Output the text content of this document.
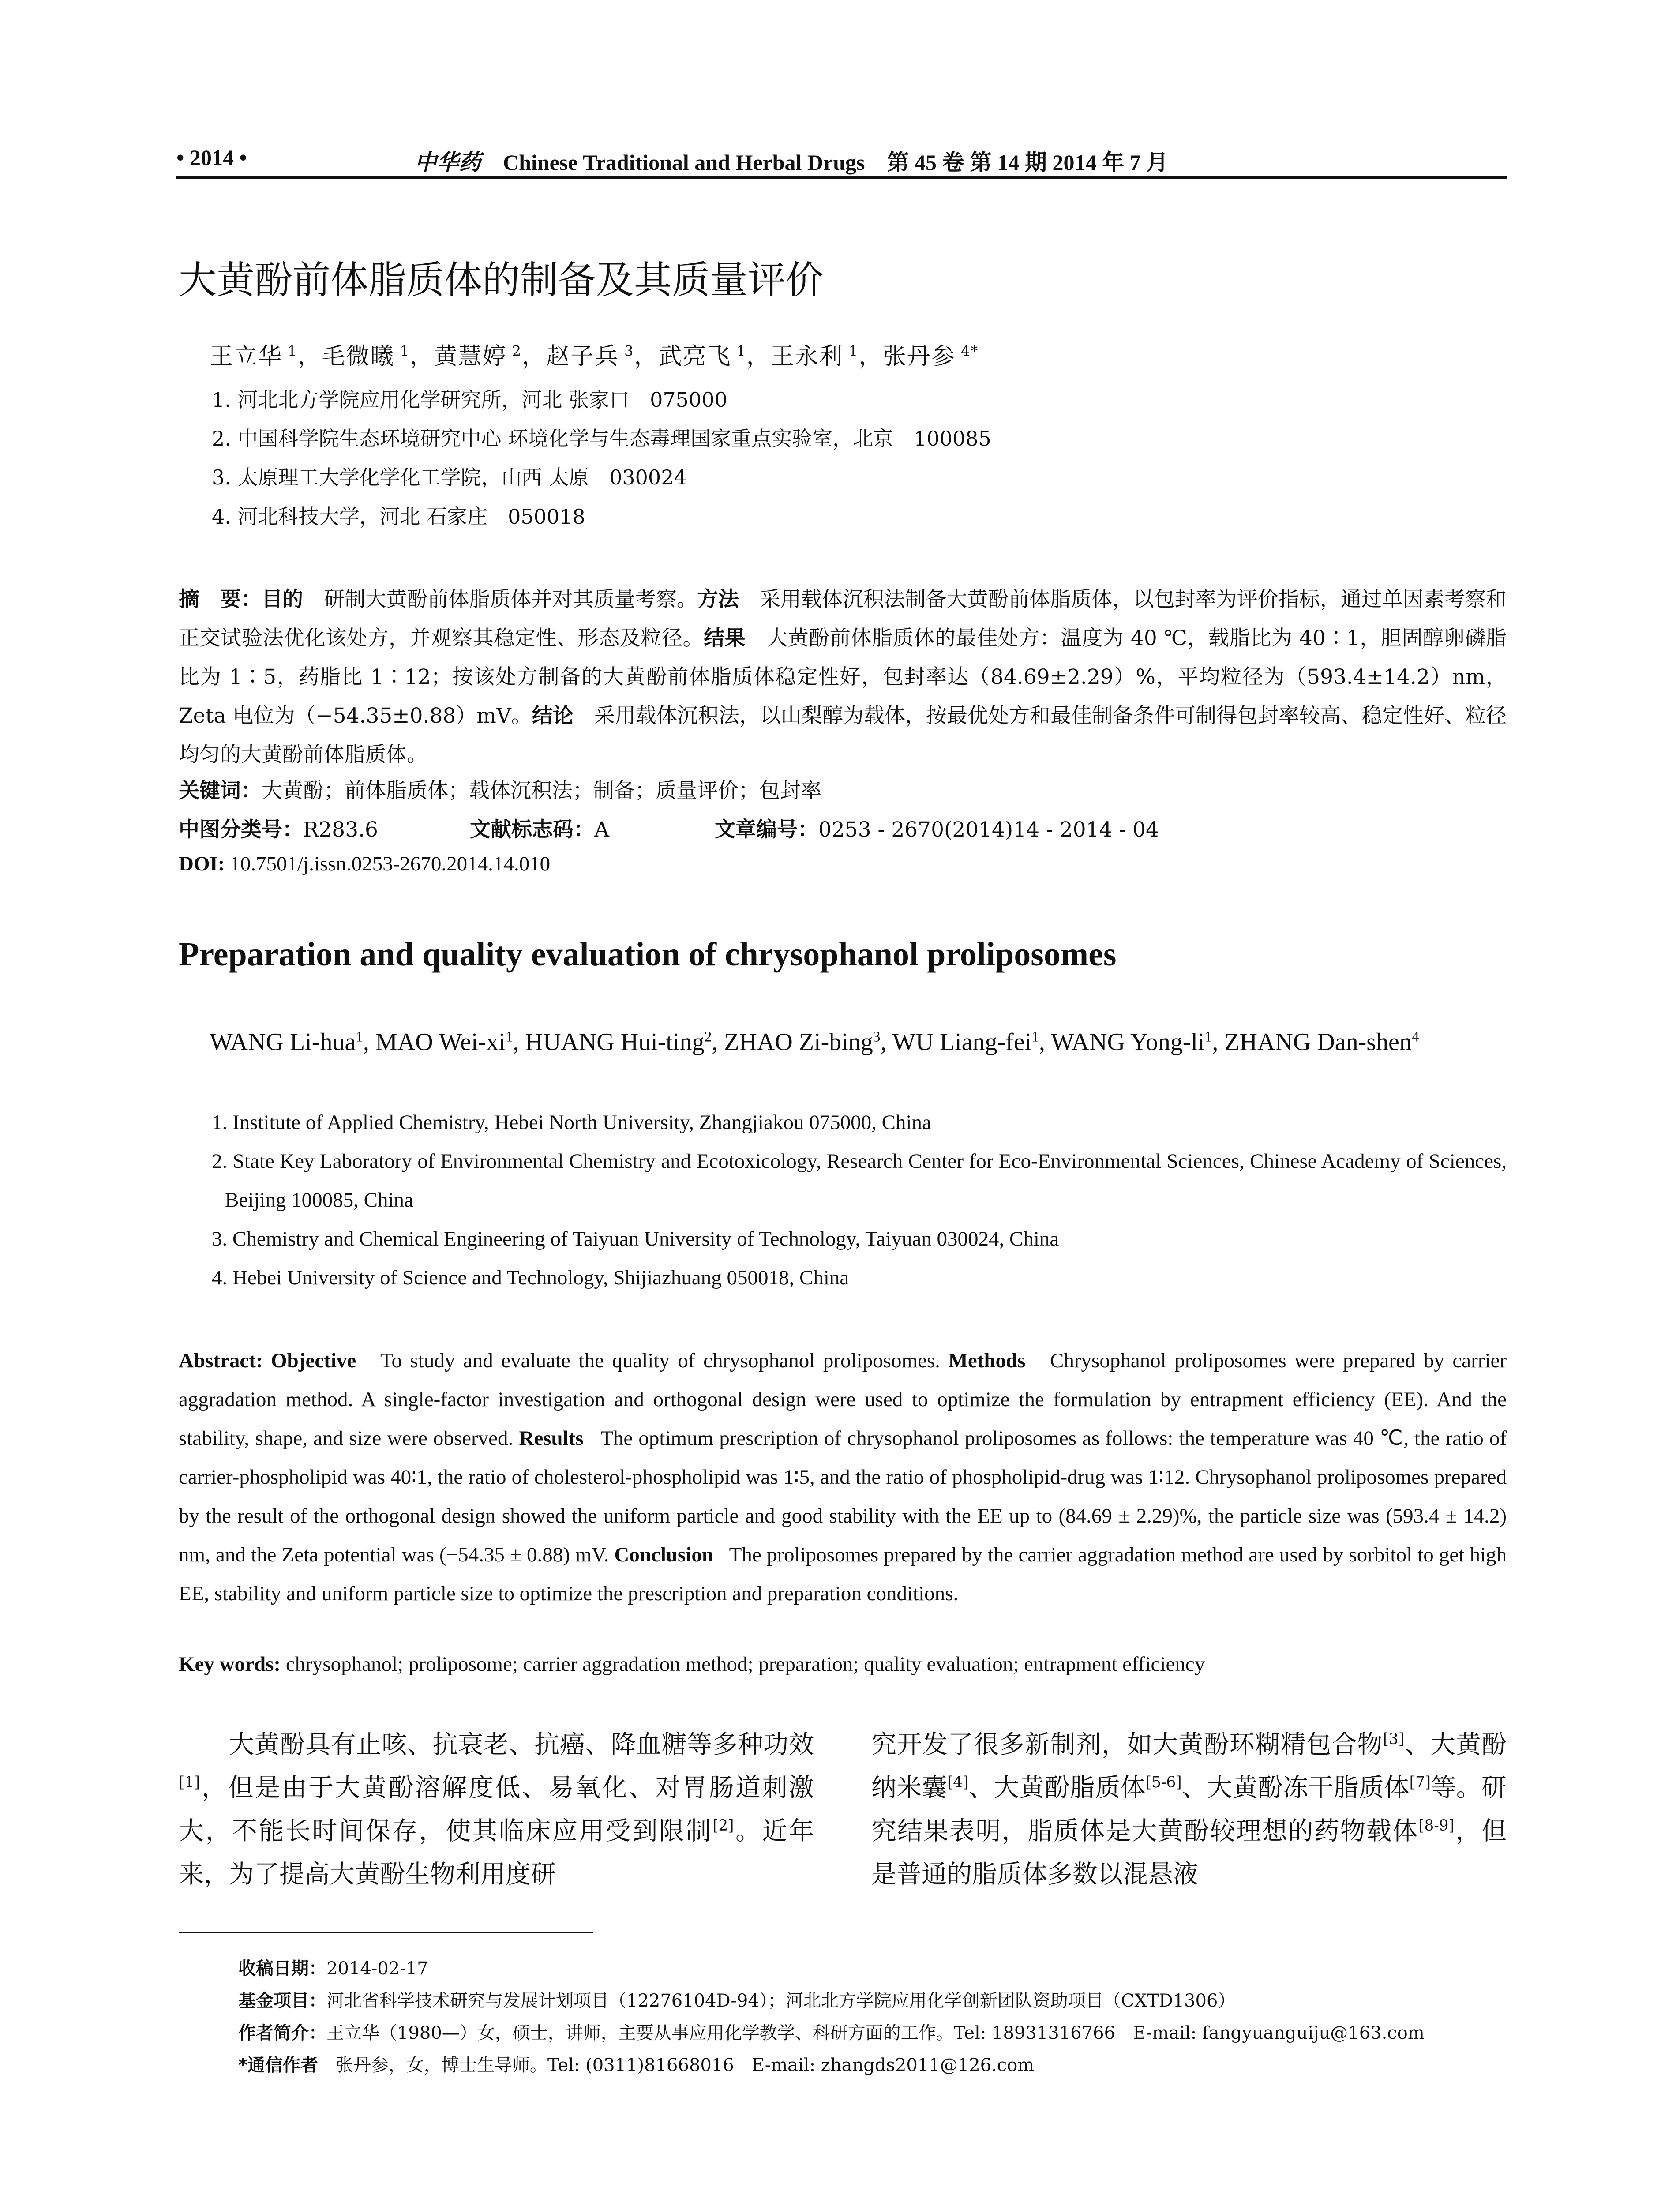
• 2014 •	中华药 Chinese Traditional and Herbal Drugs 第 45 卷 第 14 期 2014 年 7 月
大黄酚前体脂质体的制备及其质量评价
王立华 $^1$，毛微曦 $^1$，黄慧婷 $^2$，赵子兵 $^3$，武亮飞 $^1$，王永利 $^1$，张丹参 $^{4*}$
1. 河北北方学院应用化学研究所，河北 张家口　075000
2. 中国科学院生态环境研究中心 环境化学与生态毒理国家重点实验室，北京　100085
3. 太原理工大学化学化工学院，山西 太原　030024
4. 河北科技大学，河北 石家庄　050018
摘　要：目的　 研制大黄酚前体脂质体并对其质量考察。方法　 采用载体沉积法制备大黄酚前体脂质体，以包封率为评价指标，通过单因素考察和正交试验法优化该处方，并观察其稳定性、形态及粒径。结果　 大黄酚前体脂质体的最佳处方：温度为 40 ℃，载脂比为 40∶1，胆固醇卵磷脂比为 1∶5，药脂比 1∶12；按该处方制备的大黄酚前体脂质体稳定性好，包封率达（84.69±2.29）%，平均粒径为（593.4±14.2）nm，Zeta 电位为（−54.35±0.88）mV。结论　 采用载体沉积法，以山梨醇为载体，按最优处方和最佳制备条件可制得包封率较高、稳定性好、粒径均匀的大黄酚前体脂质体。
关键词：大黄酚；前体脂质体；载体沉积法；制备；质量评价；包封率
中图分类号：R283.6	文献标志码：A	文章编号：0253 - 2670(2014)14 - 2014 - 04
DOI: 10.7501/j.issn.0253-2670.2014.14.010
Preparation and quality evaluation of chrysophanol proliposomes
WANG Li-hua$^1$, MAO Wei-$xi^1$, HUANG Hui-ting$^2$, ZHAO Zi-bing$^3$, WU Liang-fei$^1$, WANG Yong-$li^1$, ZHANG Dan-shen$^4$
1. Institute of Applied Chemistry, Hebei North University, Zhangjiakou 075000, China
2. State Key Laboratory of Environmental Chemistry and Ecotoxicology, Research Center for Eco-Environmental Sciences, Chinese Academy of Sciences, Beijing 100085, China
3. Chemistry and Chemical Engineering of Taiyuan University of Technology, Taiyuan 030024, China
4. Hebei University of Science and Technology, Shijiazhuang 050018, China
Abstract: Objective To study and evaluate the quality of chrysophanol proliposomes. Methods Chrysophanol proliposomes were prepared by carrier aggradation method. A single-factor investigation and orthogonal design were used to optimize the formulation by entrapment efficiency (EE). And the stability, shape, and size were observed. Results The optimum prescription of chrysophanol proliposomes as follows: the temperature was 40 ℃, the ratio of carrier-phospholipid was 40∶1, the ratio of cholesterol-phospholipid was 1∶5, and the ratio of phospholipid-drug was 1∶12. Chrysophanol proliposomes prepared by the result of the orthogonal design showed the uniform particle and good stability with the EE up to (84.69 ± 2.29)%, the particle size was (593.4 ± 14.2) nm, and the Zeta potential was (−54.35 ± 0.88) mV. Conclusion The proliposomes prepared by the carrier aggradation method are used by sorbitol to get high EE, stability and uniform particle size to optimize the prescription and preparation conditions.
Key words: chrysophanol; proliposome; carrier aggradation method; preparation; quality evaluation; entrapment efficiency
大黄酚具有止咳、抗衰老、抗癌、降血糖等多种功效[1]，但是由于大黄酚溶解度低、易氧化、对胃肠道刺激大，不能长时间保存，使其临床应用受到限制[2]。近年来，为了提高大黄酚生物利用度研
究开发了很多新制剂，如大黄酚环糊精包合物[3]、大黄酚纳米囊[4]、大黄酚脂质体[5-6]、大黄酚冻干脂质体[7]等。研究结果表明，脂质体是大黄酚较理想的药物载体[8-9]，但是普通的脂质体多数以混悬液
收稿日期：2014-02-17
基金项目：河北省科学技术研究与发展计划项目（12276104D-94）；河北北方学院应用化学创新团队资助项目（CXTD1306）
作者简介：王立华（1980—）女，硕士，讲师，主要从事应用化学教学、科研方面的工作。Tel: 18931316766　E-mail: fangyuanguiju@163.com
*通信作者　 张丹参，女，博士生导师。Tel: (0311)81668016　E-mail: zhangds2011@126.com
